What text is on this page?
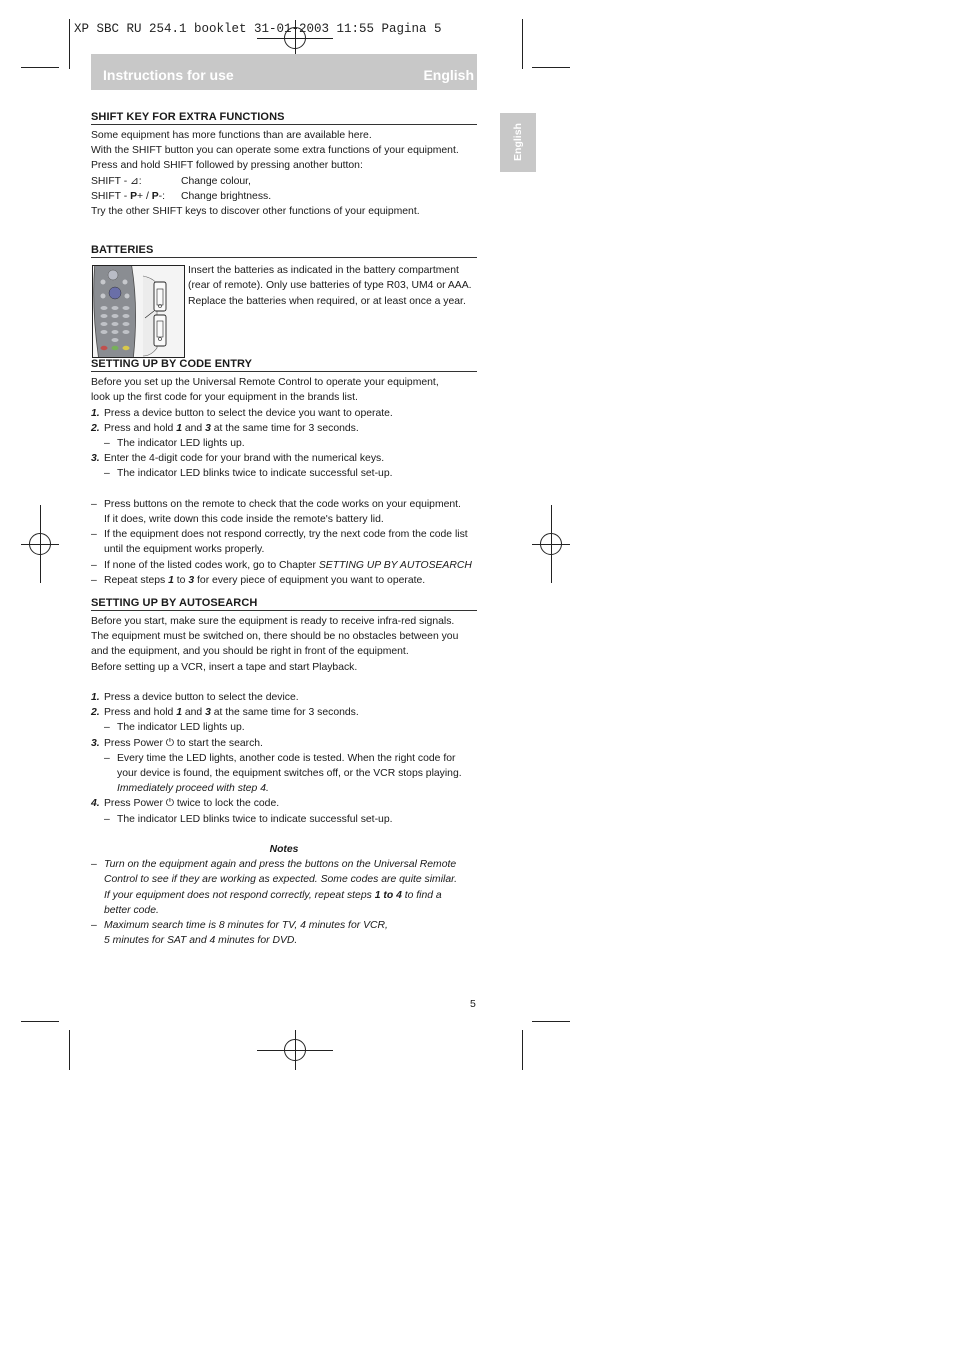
XP SBC RU 254.1 booklet 31-01-2003 11:55 Pagina 5
Instructions for use	English
English
SHIFT KEY FOR EXTRA FUNCTIONS

Some equipment has more functions than are available here.

With the SHIFT button you can operate some extra functions of your equipment.

Press and hold SHIFT followed by pressing another button:

SHIFT - ⊿:	Change colour,

SHIFT - P+ / P-: Change brightness.

Try the other SHIFT keys to discover other functions of your equipment.

BATTERIES

Insert the batteries as indicated in the battery compartment

(rear of remote). Only use batteries of type R03, UM4 or AAA.

Replace the batteries when required, or at least once a year.

SETTING UP BY CODE ENTRY

Before you set up the Universal Remote Control to operate your equipment,

look up the first code for your equipment in the brands list.

1. Press a device button to select the device you want to operate.
2. Press and hold 1 and 3 at the same time for 3 seconds.
– The indicator LED lights up.
3. Enter the 4-digit code for your brand with the numerical keys.
– The indicator LED blinks twice to indicate successful set-up.
– Press buttons on the remote to check that the code works on your equipment.
If it does, write down this code inside the remote's battery lid.
– If the equipment does not respond correctly, try the next code from the code list
until the equipment works properly.
– If none of the listed codes work, go to Chapter SETTING UP BY AUTOSEARCH
– Repeat steps 1 to 3 for every piece of equipment you want to operate.
SETTING UP BY AUTOSEARCH

Before you start, make sure the equipment is ready to receive infra-red signals.

The equipment must be switched on, there should be no obstacles between you

and the equipment, and you should be right in front of the equipment.

Before setting up a VCR, insert a tape and start Playback.

1. Press a device button to select the device.
2. Press and hold 1 and 3 at the same time for 3 seconds.
– The indicator LED lights up.
3. Press Power ⏻ to start the search.
– Every time the LED lights, another code is tested. When the right code for
your device is found, the equipment switches off, or the VCR stops playing.
Immediately proceed with step 4.
4. Press Power ⏻ twice to lock the code.
– The indicator LED blinks twice to indicate successful set-up.
Notes
– Turn on the equipment again and press the buttons on the Universal Remote
Control to see if they are working as expected. Some codes are quite similar.
If your equipment does not respond correctly, repeat steps 1 to 4 to find a
better code.
– Maximum search time is 8 minutes for TV, 4 minutes for VCR,
5 minutes for SAT and 4 minutes for DVD.
5
